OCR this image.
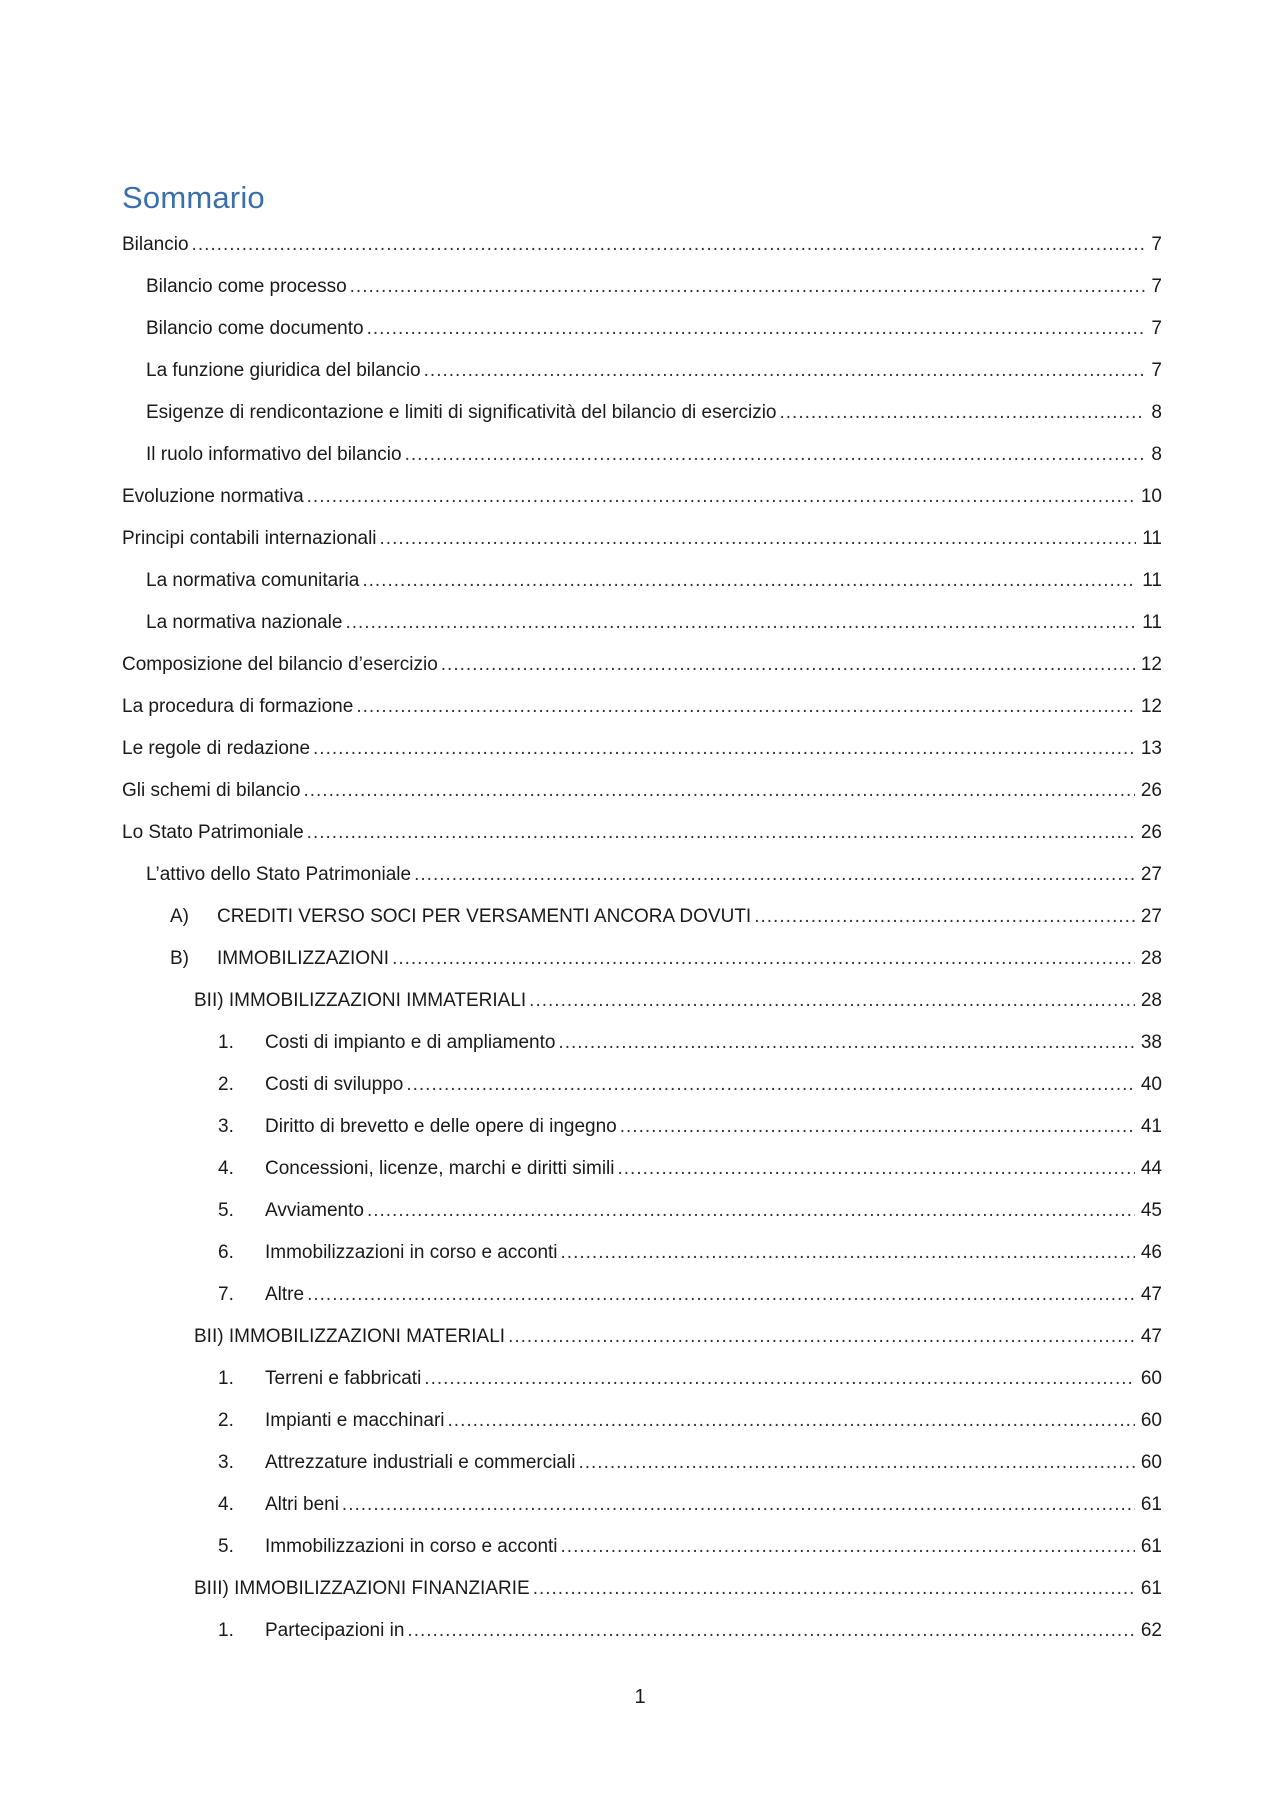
Sommario
Bilancio .....	7
Bilancio come processo .....	7
Bilancio come documento .....	7
La funzione giuridica del bilancio .....	7
Esigenze di rendicontazione e limiti di significatività del bilancio di esercizio .....	8
Il ruolo informativo del bilancio .....	8
Evoluzione normativa .....	10
Principi contabili internazionali .....	11
La normativa comunitaria .....	11
La normativa nazionale .....	11
Composizione del bilancio d’esercizio .....	12
La procedura di formazione .....	12
Le regole di redazione .....	13
Gli schemi di bilancio .....	26
Lo Stato Patrimoniale .....	26
L’attivo dello Stato Patrimoniale .....	27
A)	CREDITI VERSO SOCI PER VERSAMENTI ANCORA DOVUTI .....	27
B)	IMMOBILIZZAZIONI .....	28
BII) IMMOBILIZZAZIONI IMMATERIALI .....	28
1.	Costi di impianto e di ampliamento .....	38
2.	Costi di sviluppo .....	40
3.	Diritto di brevetto e delle opere di ingegno .....	41
4.	Concessioni, licenze, marchi e diritti simili .....	44
5.	Avviamento .....	45
6.	Immobilizzazioni in corso e acconti .....	46
7.	Altre .....	47
BII) IMMOBILIZZAZIONI MATERIALI .....	47
1.	Terreni e fabbricati .....	60
2.	Impianti e macchinari .....	60
3.	Attrezzature industriali e commerciali .....	60
4.	Altri beni .....	61
5.	Immobilizzazioni in corso e acconti .....	61
BIII) IMMOBILIZZAZIONI FINANZIARIE .....	61
1.	Partecipazioni in .....	62
1
